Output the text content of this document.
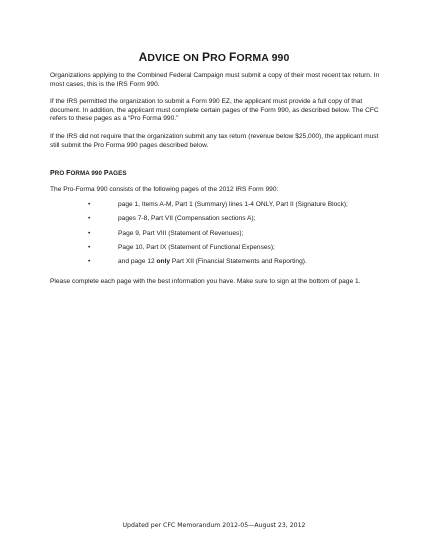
ADVICE ON PRO FORMA 990

Organizations applying to the Combined Federal Campaign must submit a copy of their most recent tax return. In most cases, this is the IRS Form 990.

If the IRS permitted the organization to submit a Form 990 EZ, the applicant must provide a full copy of that document. In addition, the applicant must complete certain pages of the Form 990, as described below. The CFC refers to these pages as a “Pro Forma 990.”

If the IRS did not require that the organization submit any tax return (revenue below $25,000), the applicant must still submit the Pro Forma 990 pages described below.

PRO FORMA 990 PAGES

The Pro-Forma 990 consists of the following pages of the 2012 IRS Form 990:

•	page 1, Items A-M, Part 1 (Summary) lines 1-4 ONLY, Part II (Signature Block);
•	pages 7-8, Part VII (Compensation sections A);
•	Page 9, Part VIII (Statement of Revenues);
•	Page 10, Part IX (Statement of Functional Expenses);
•	and page 12 only Part XII (Financial Statements and Reporting).

Please complete each page with the best information you have. Make sure to sign at the bottom of page 1.

Updated per CFC Memorandum 2012-05—August 23, 2012
